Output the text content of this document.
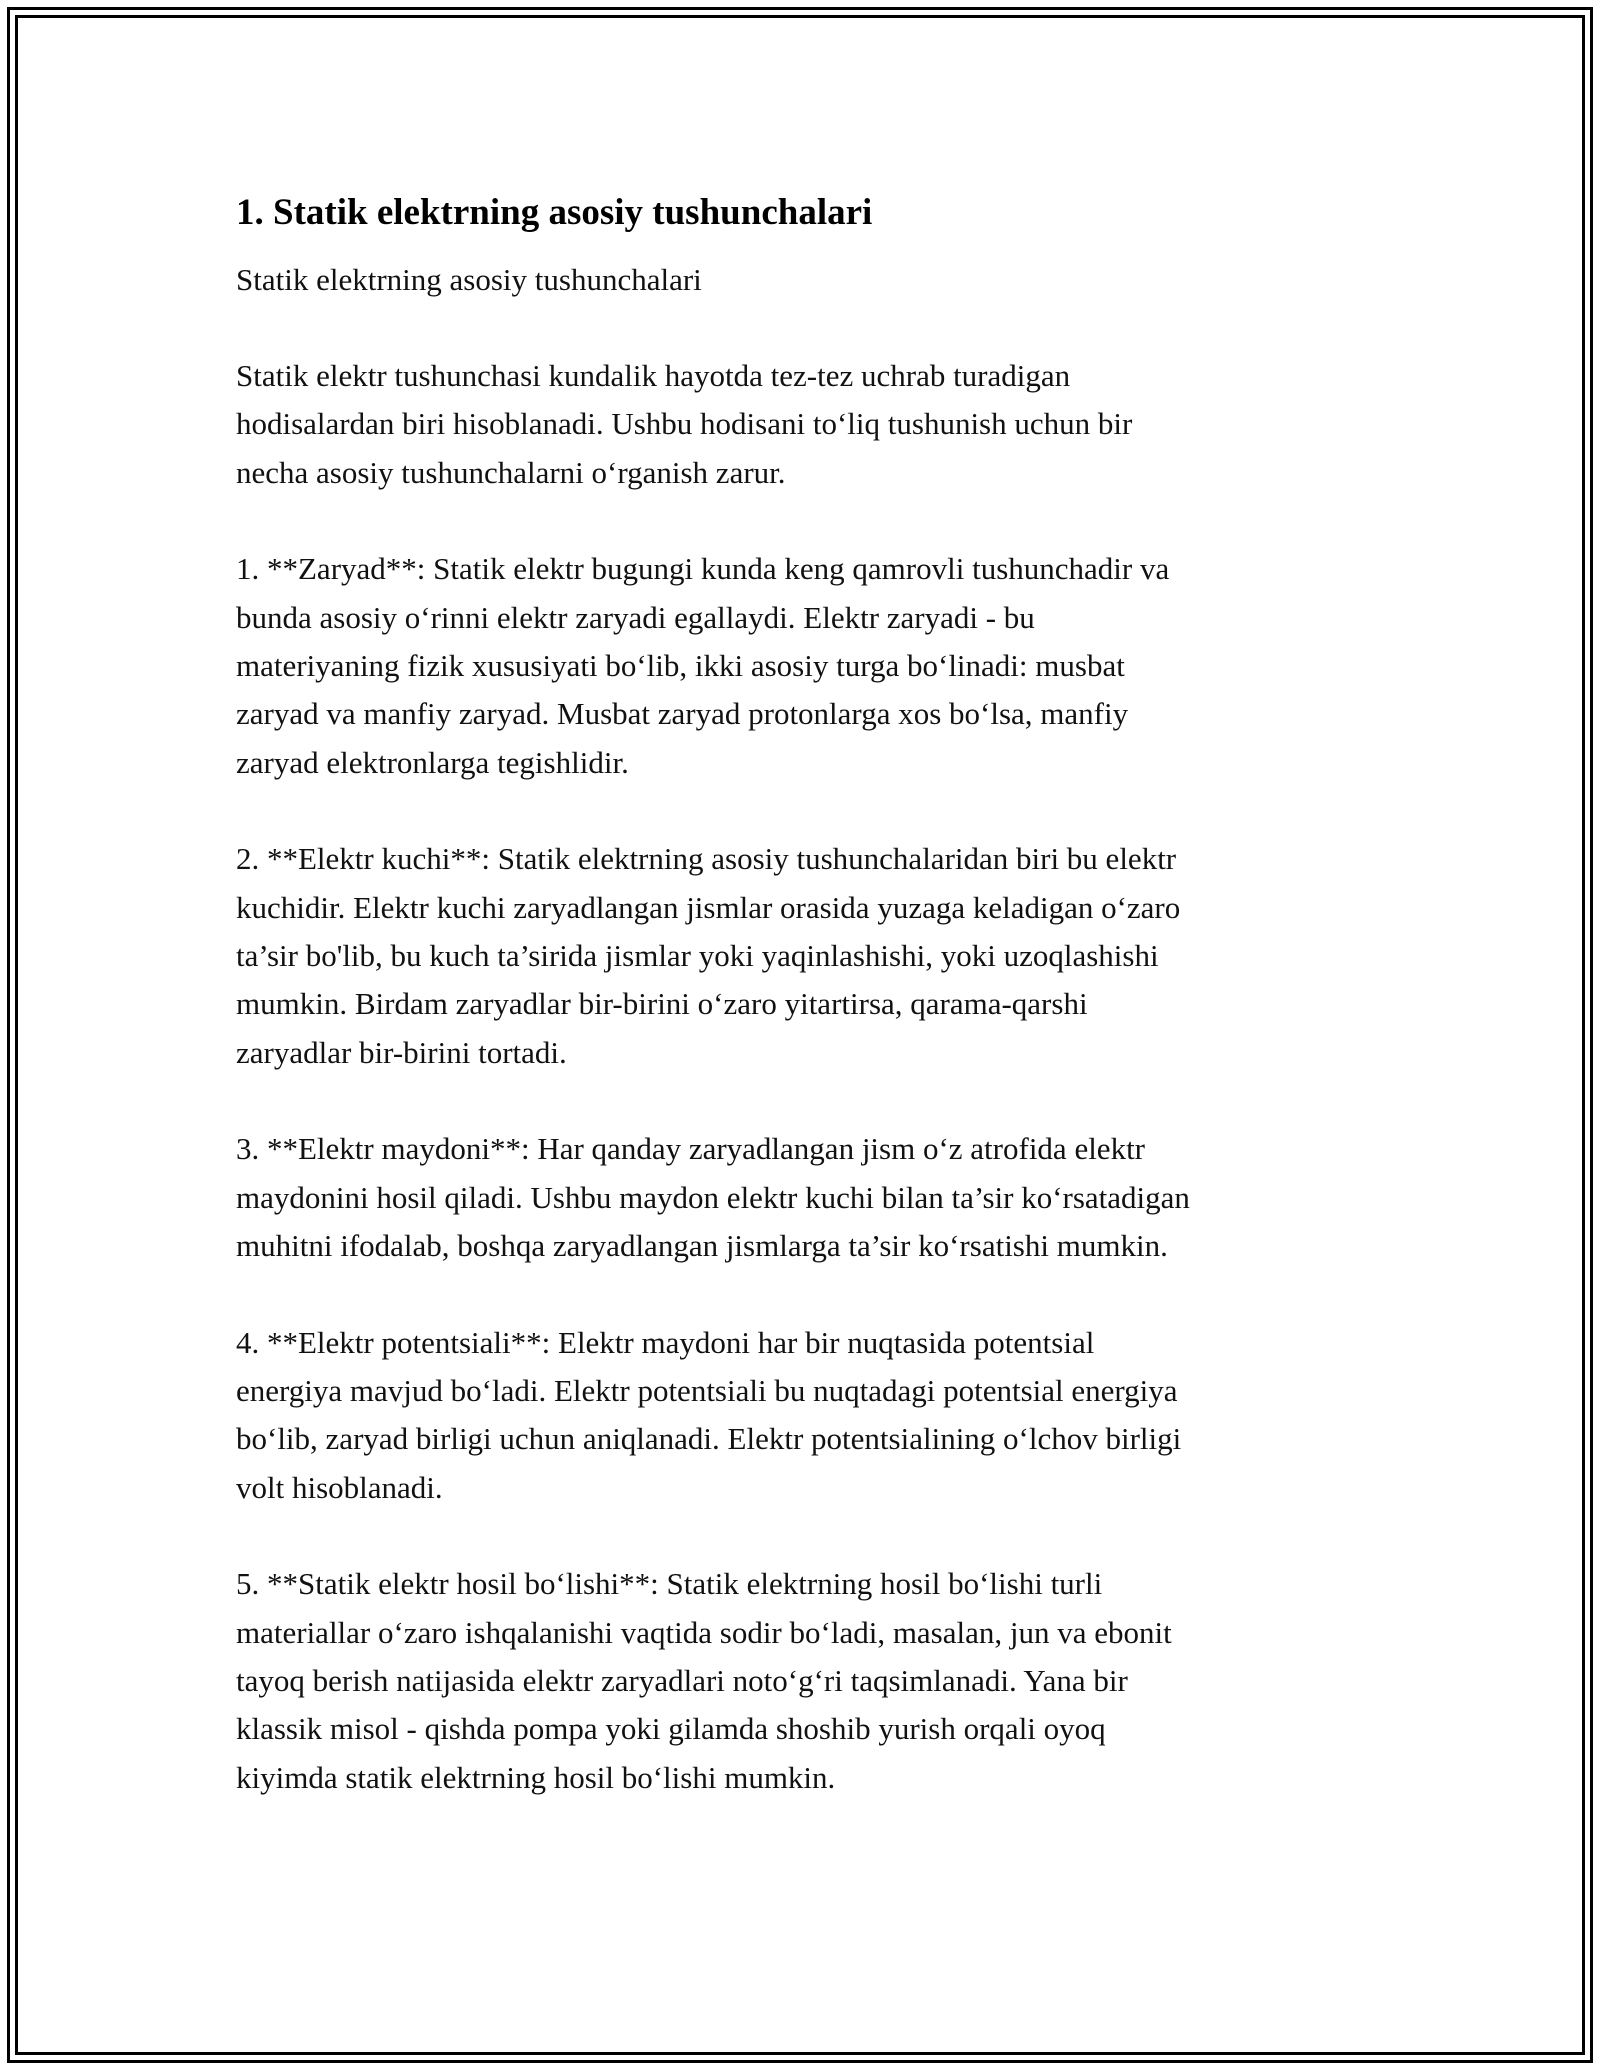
1. Statik elektrning asosiy tushunchalari

Statik elektrning asosiy tushunchalari

Statik elektr tushunchasi kundalik hayotda tez-tez uchrab turadigan
hodisalardan biri hisoblanadi. Ushbu hodisani to‘liq tushunish uchun bir
necha asosiy tushunchalarni o‘rganish zarur.

1. **Zaryad**: Statik elektr bugungi kunda keng qamrovli tushunchadir va
bunda asosiy o‘rinni elektr zaryadi egallaydi. Elektr zaryadi - bu
materiyaning fizik xususiyati bo‘lib, ikki asosiy turga bo‘linadi: musbat
zaryad va manfiy zaryad. Musbat zaryad protonlarga xos bo‘lsa, manfiy
zaryad elektronlarga tegishlidir.

2. **Elektr kuchi**: Statik elektrning asosiy tushunchalaridan biri bu elektr
kuchidir. Elektr kuchi zaryadlangan jismlar orasida yuzaga keladigan o‘zaro
ta’sir bo'lib, bu kuch ta’sirida jismlar yoki yaqinlashishi, yoki uzoqlashishi
mumkin. Birdam zaryadlar bir-birini o‘zaro yitartirsa, qarama-qarshi
zaryadlar bir-birini tortadi.

3. **Elektr maydoni**: Har qanday zaryadlangan jism o‘z atrofida elektr
maydonini hosil qiladi. Ushbu maydon elektr kuchi bilan ta’sir ko‘rsatadigan
muhitni ifodalab, boshqa zaryadlangan jismlarga ta’sir ko‘rsatishi mumkin.

4. **Elektr potentsiali**: Elektr maydoni har bir nuqtasida potentsial
energiya mavjud bo‘ladi. Elektr potentsiali bu nuqtadagi potentsial energiya
bo‘lib, zaryad birligi uchun aniqlanadi. Elektr potentsialining o‘lchov birligi
volt hisoblanadi.

5. **Statik elektr hosil bo‘lishi**: Statik elektrning hosil bo‘lishi turli
materiallar o‘zaro ishqalanishi vaqtida sodir bo‘ladi, masalan, jun va ebonit
tayoq berish natijasida elektr zaryadlari noto‘g‘ri taqsimlanadi. Yana bir
klassik misol - qishda pompa yoki gilamda shoshib yurish orqali oyoq
kiyimda statik elektrning hosil bo‘lishi mumkin.
